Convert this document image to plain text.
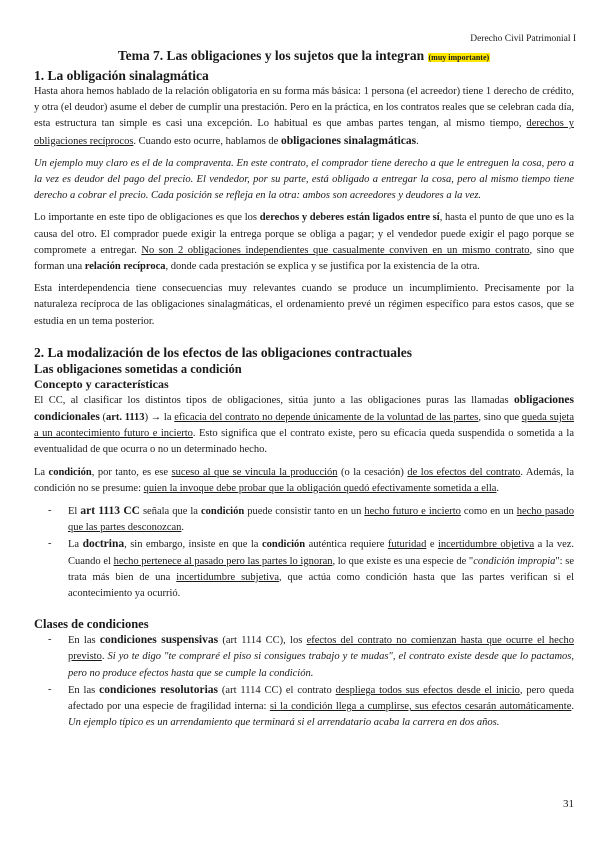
Derecho Civil Patrimonial I
Tema 7. Las obligaciones y los sujetos que la integran (muy importante)
1. La obligación sinalagmática

Hasta ahora hemos hablado de la relación obligatoria en su forma más básica: 1 persona (el acreedor) tiene 1 derecho de crédito, y otra (el deudor) asume el deber de cumplir una prestación. Pero en la práctica, en los contratos reales que se celebran cada día, esta estructura tan simple es casi una excepción. Lo habitual es que ambas partes tengan, al mismo tiempo, derechos y obligaciones recíprocos. Cuando esto ocurre, hablamos de obligaciones sinalagmáticas.

Un ejemplo muy claro es el de la compraventa. En este contrato, el comprador tiene derecho a que le entreguen la cosa, pero a la vez es deudor del pago del precio. El vendedor, por su parte, está obligado a entregar la cosa, pero al mismo tiempo tiene derecho a cobrar el precio. Cada posición se refleja en la otra: ambos son acreedores y deudores a la vez.

Lo importante en este tipo de obligaciones es que los derechos y deberes están ligados entre sí, hasta el punto de que uno es la causa del otro. El comprador puede exigir la entrega porque se obliga a pagar; y el vendedor puede exigir el pago porque se compromete a entregar. No son 2 obligaciones independientes que casualmente conviven en un mismo contrato, sino que forman una relación recíproca, donde cada prestación se explica y se justifica por la existencia de la otra.

Esta interdependencia tiene consecuencias muy relevantes cuando se produce un incumplimiento. Precisamente por la naturaleza recíproca de las obligaciones sinalagmáticas, el ordenamiento prevé un régimen específico para estos casos, que se estudia en un tema posterior.

2. La modalización de los efectos de las obligaciones contractuales
Las obligaciones sometidas a condición
Concepto y características

El CC, al clasificar los distintos tipos de obligaciones, sitúa junto a las obligaciones puras las llamadas obligaciones condicionales (art. 1113) → la eficacia del contrato no depende únicamente de la voluntad de las partes, sino que queda sujeta a un acontecimiento futuro e incierto. Esto significa que el contrato existe, pero su eficacia queda suspendida o sometida a la eventualidad de que ocurra o no un determinado hecho.

La condición, por tanto, es ese suceso al que se vincula la producción (o la cesación) de los efectos del contrato. Además, la condición no se presume: quien la invoque debe probar que la obligación quedó efectivamente sometida a ella.

- El art 1113 CC señala que la condición puede consistir tanto en un hecho futuro e incierto como en un hecho pasado que las partes desconozcan.
- La doctrina, sin embargo, insiste en que la condición auténtica requiere futuridad e incertidumbre objetiva a la vez. Cuando el hecho pertenece al pasado pero las partes lo ignoran, lo que existe es una especie de "condición impropia": se trata más bien de una incertidumbre subjetiva, que actúa como condición hasta que las partes verifican si el acontecimiento ya ocurrió.
Clases de condiciones
- En las condiciones suspensivas (art 1114 CC), los efectos del contrato no comienzan hasta que ocurre el hecho previsto. Si yo te digo "te compraré el piso si consigues trabajo y te mudas", el contrato existe desde que lo pactamos, pero no produce efectos hasta que se cumple la condición.
- En las condiciones resolutorias (art 1114 CC) el contrato despliega todos sus efectos desde el inicio, pero queda afectado por una especie de fragilidad interna: si la condición llega a cumplirse, sus efectos cesarán automáticamente. Un ejemplo típico es un arrendamiento que terminará si el arrendatario acaba la carrera en dos años.
31
